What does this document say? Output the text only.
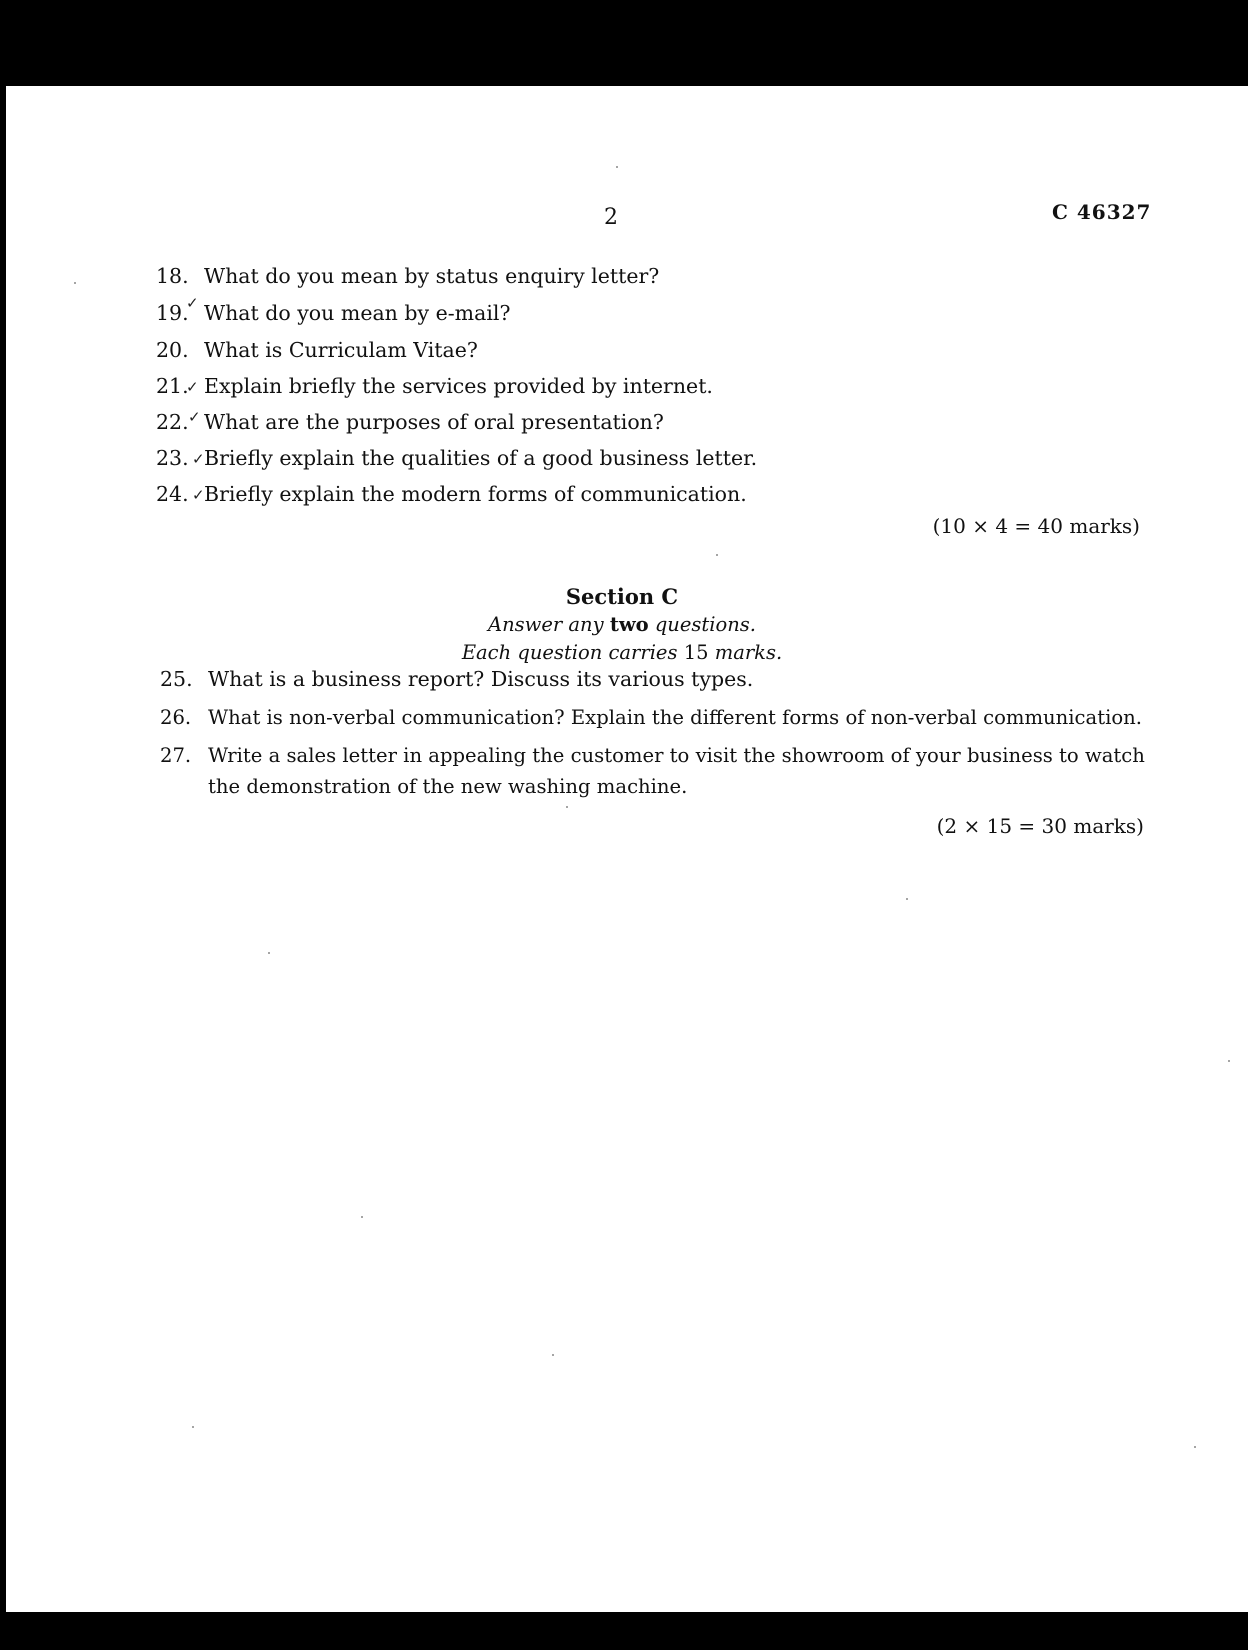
2	C 46327
18. What do you mean by status enquiry letter?
19. What do you mean by e-mail?
✓
20. What is Curriculam Vitae?
21. Explain briefly the services provided by internet.
✓
22. What are the purposes of oral presentation?
✓
23. Briefly explain the qualities of a good business letter.
✓
24. Briefly explain the modern forms of communication.
✓
(10 × 4 = 40 marks)
Section C
Answer any two questions.
Each question carries 15 marks.
25. What is a business report? Discuss its various types.
26. What is non-verbal communication? Explain the different forms of non-verbal communication.
27. Write a sales letter in appealing the customer to visit the showroom of your business to watch
the demonstration of the new washing machine.
(2 × 15 = 30 marks)
